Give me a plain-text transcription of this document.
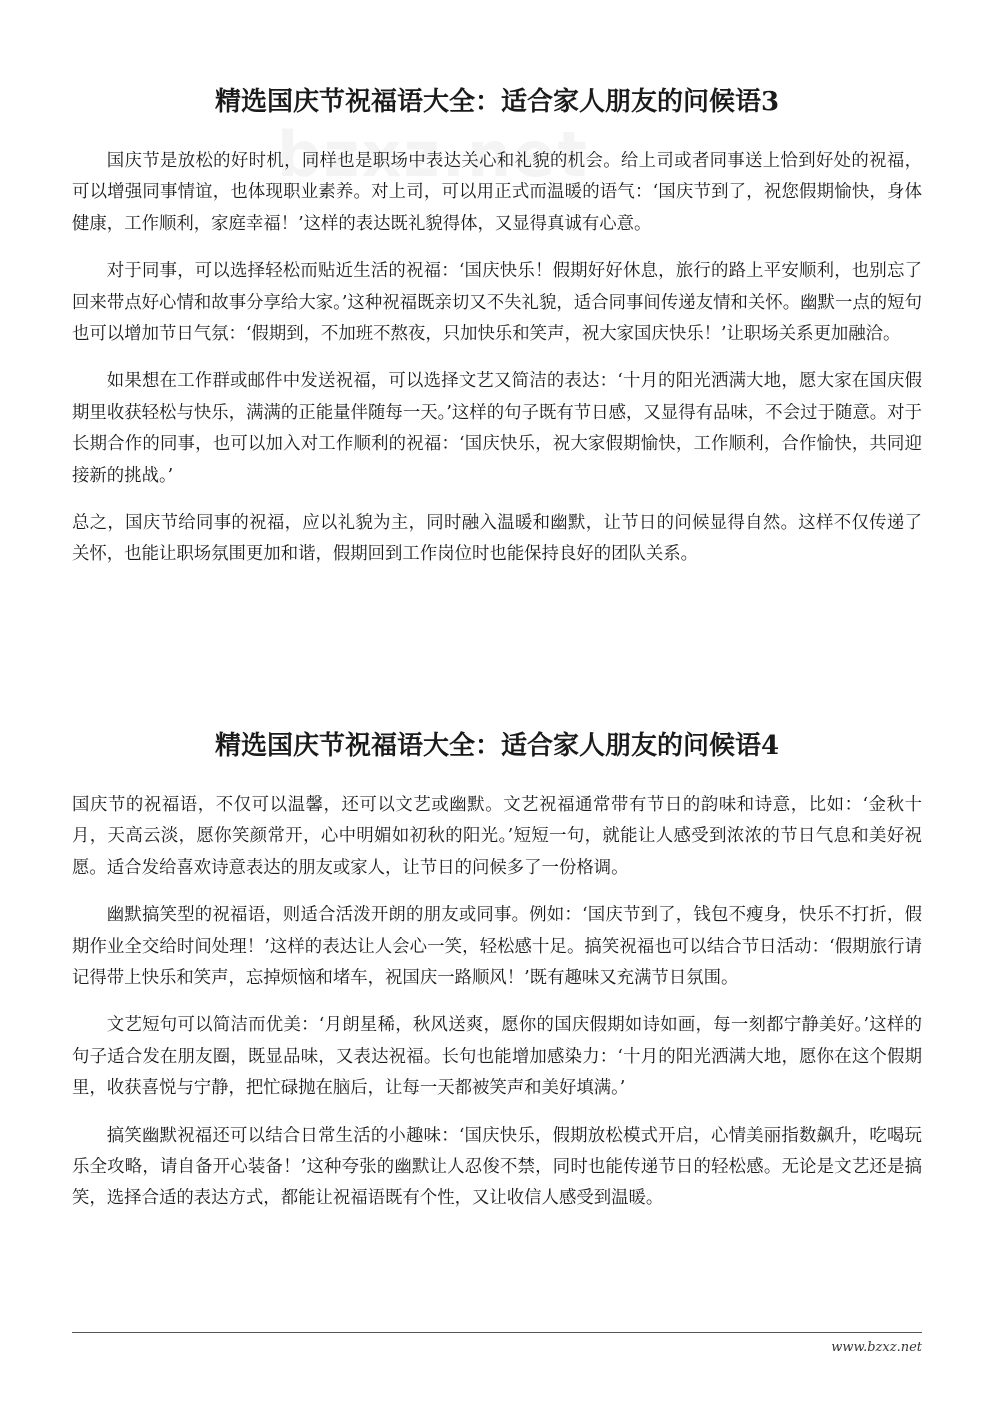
精选国庆节祝福语大全：适合家人朋友的问候语3

国庆节是放松的好时机，同样也是职场中表达关心和礼貌的机会。给上司或者同事送上恰到好处的祝福，可以增强同事情谊，也体现职业素养。对上司，可以用正式而温暖的语气：‘国庆节到了，祝您假期愉快，身体健康，工作顺利，家庭幸福！’这样的表达既礼貌得体，又显得真诚有心意。

对于同事，可以选择轻松而贴近生活的祝福：‘国庆快乐！假期好好休息，旅行的路上平安顺利，也别忘了回来带点好心情和故事分享给大家。’这种祝福既亲切又不失礼貌，适合同事间传递友情和关怀。幽默一点的短句也可以增加节日气氛：‘假期到，不加班不熬夜，只加快乐和笑声，祝大家国庆快乐！’让职场关系更加融洽。

如果想在工作群或邮件中发送祝福，可以选择文艺又简洁的表达：‘十月的阳光洒满大地，愿大家在国庆假期里收获轻松与快乐，满满的正能量伴随每一天。’这样的句子既有节日感，又显得有品味，不会过于随意。对于长期合作的同事，也可以加入对工作顺利的祝福：‘国庆快乐，祝大家假期愉快，工作顺利，合作愉快，共同迎接新的挑战。’

总之，国庆节给同事的祝福，应以礼貌为主，同时融入温暖和幽默，让节日的问候显得自然。这样不仅传递了关怀，也能让职场氛围更加和谐，假期回到工作岗位时也能保持良好的团队关系。

精选国庆节祝福语大全：适合家人朋友的问候语4

国庆节的祝福语，不仅可以温馨，还可以文艺或幽默。文艺祝福通常带有节日的韵味和诗意，比如：‘金秋十月，天高云淡，愿你笑颜常开，心中明媚如初秋的阳光。’短短一句，就能让人感受到浓浓的节日气息和美好祝愿。适合发给喜欢诗意表达的朋友或家人，让节日的问候多了一份格调。

幽默搞笑型的祝福语，则适合活泼开朗的朋友或同事。例如：‘国庆节到了，钱包不瘦身，快乐不打折，假期作业全交给时间处理！’这样的表达让人会心一笑，轻松感十足。搞笑祝福也可以结合节日活动：‘假期旅行请记得带上快乐和笑声，忘掉烦恼和堵车，祝国庆一路顺风！’既有趣味又充满节日氛围。

文艺短句可以简洁而优美：‘月朗星稀，秋风送爽，愿你的国庆假期如诗如画，每一刻都宁静美好。’这样的句子适合发在朋友圈，既显品味，又表达祝福。长句也能增加感染力：‘十月的阳光洒满大地，愿你在这个假期里，收获喜悦与宁静，把忙碌抛在脑后，让每一天都被笑声和美好填满。’

搞笑幽默祝福还可以结合日常生活的小趣味：‘国庆快乐，假期放松模式开启，心情美丽指数飙升，吃喝玩乐全攻略，请自备开心装备！’这种夸张的幽默让人忍俊不禁，同时也能传递节日的轻松感。无论是文艺还是搞笑，选择合适的表达方式，都能让祝福语既有个性，又让收信人感受到温暖。

www.bzxz.net
